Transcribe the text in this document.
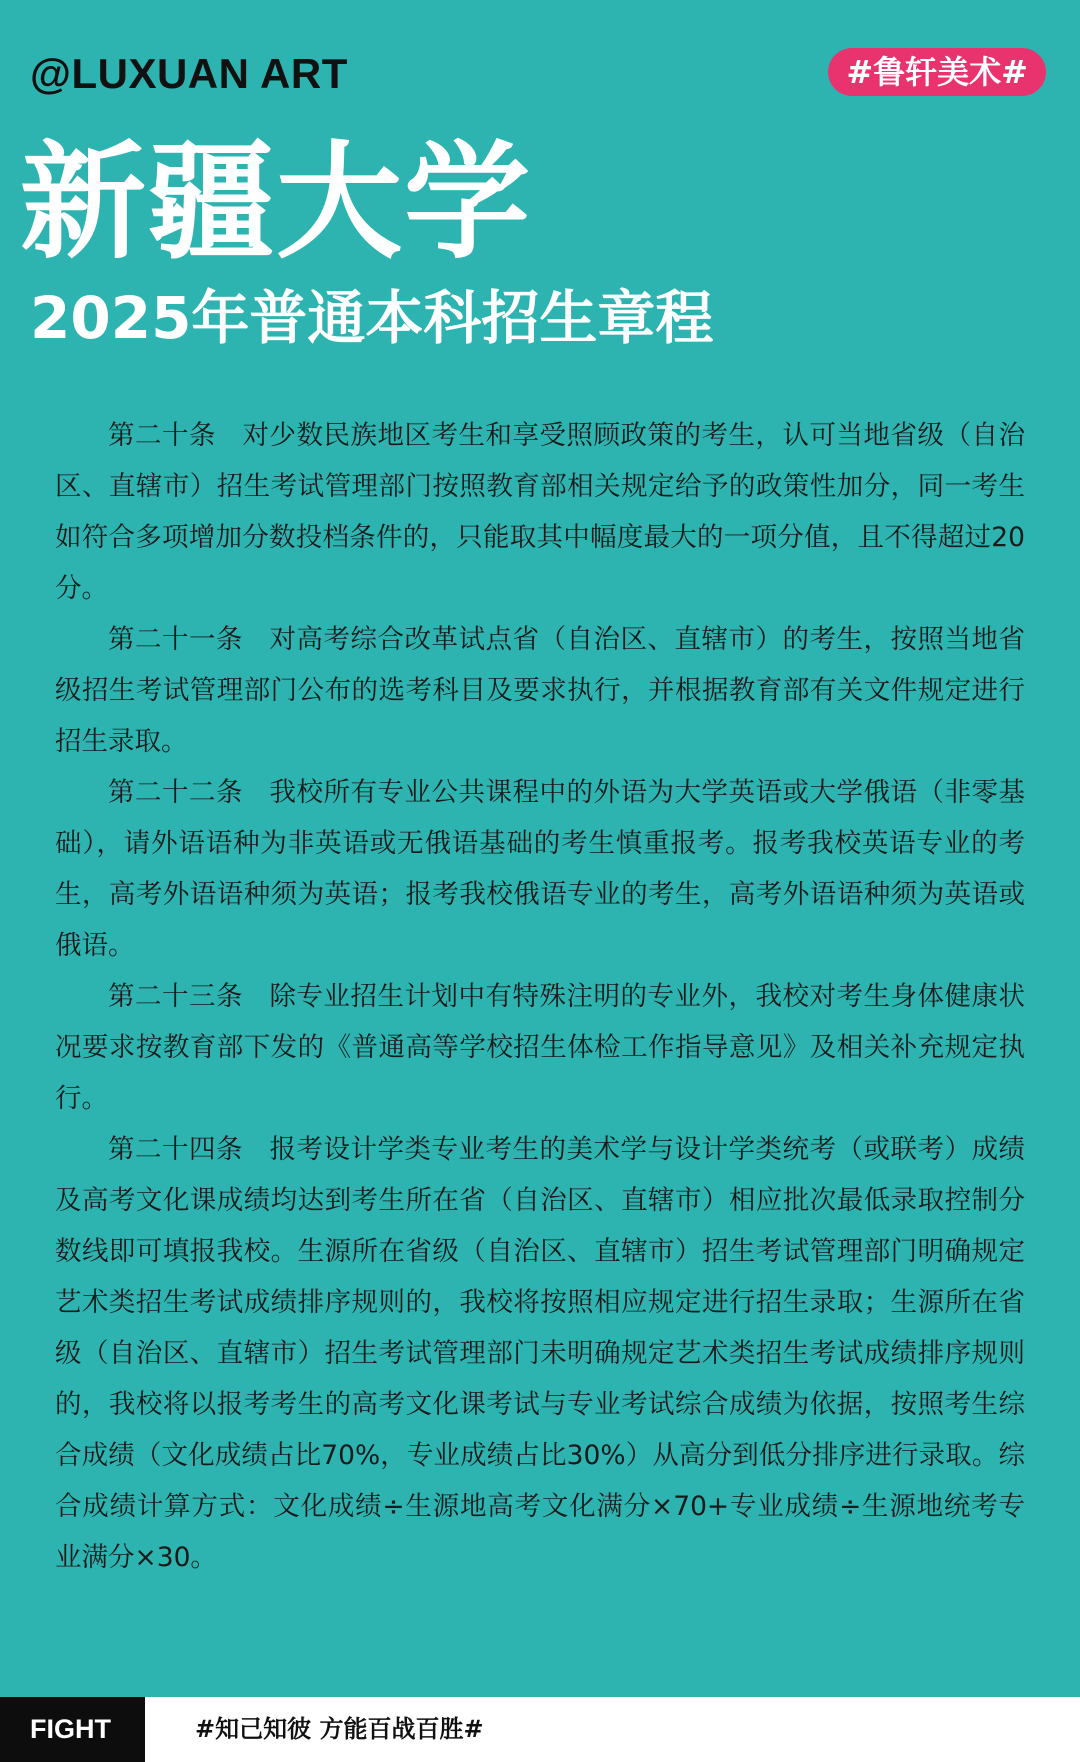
@LUXUAN ART	#鲁轩美术#
新疆大学
2025年普通本科招生章程

第二十条 对少数民族地区考生和享受照顾政策的考生，认可当地省级（自治区、直辖市）招生考试管理部门按照教育部相关规定给予的政策性加分，同一考生如符合多项增加分数投档条件的，只能取其中幅度最大的一项分值，且不得超过20分。

第二十一条 对高考综合改革试点省（自治区、直辖市）的考生，按照当地省级招生考试管理部门公布的选考科目及要求执行，并根据教育部有关文件规定进行招生录取。

第二十二条 我校所有专业公共课程中的外语为大学英语或大学俄语（非零基础），请外语语种为非英语或无俄语基础的考生慎重报考。报考我校英语专业的考生，高考外语语种须为英语；报考我校俄语专业的考生，高考外语语种须为英语或俄语。

第二十三条 除专业招生计划中有特殊注明的专业外，我校对考生身体健康状况要求按教育部下发的《普通高等学校招生体检工作指导意见》及相关补充规定执行。

第二十四条 报考设计学类专业考生的美术学与设计学类统考（或联考）成绩及高考文化课成绩均达到考生所在省（自治区、直辖市）相应批次最低录取控制分数线即可填报我校。生源所在省级（自治区、直辖市）招生考试管理部门明确规定艺术类招生考试成绩排序规则的，我校将按照相应规定进行招生录取；生源所在省级（自治区、直辖市）招生考试管理部门未明确规定艺术类招生考试成绩排序规则的，我校将以报考考生的高考文化课考试与专业考试综合成绩为依据，按照考生综合成绩（文化成绩占比70%，专业成绩占比30%）从高分到低分排序进行录取。综合成绩计算方式：文化成绩÷生源地高考文化满分×70+专业成绩÷生源地统考专业满分×30。

FIGHT	#知己知彼 方能百战百胜#
